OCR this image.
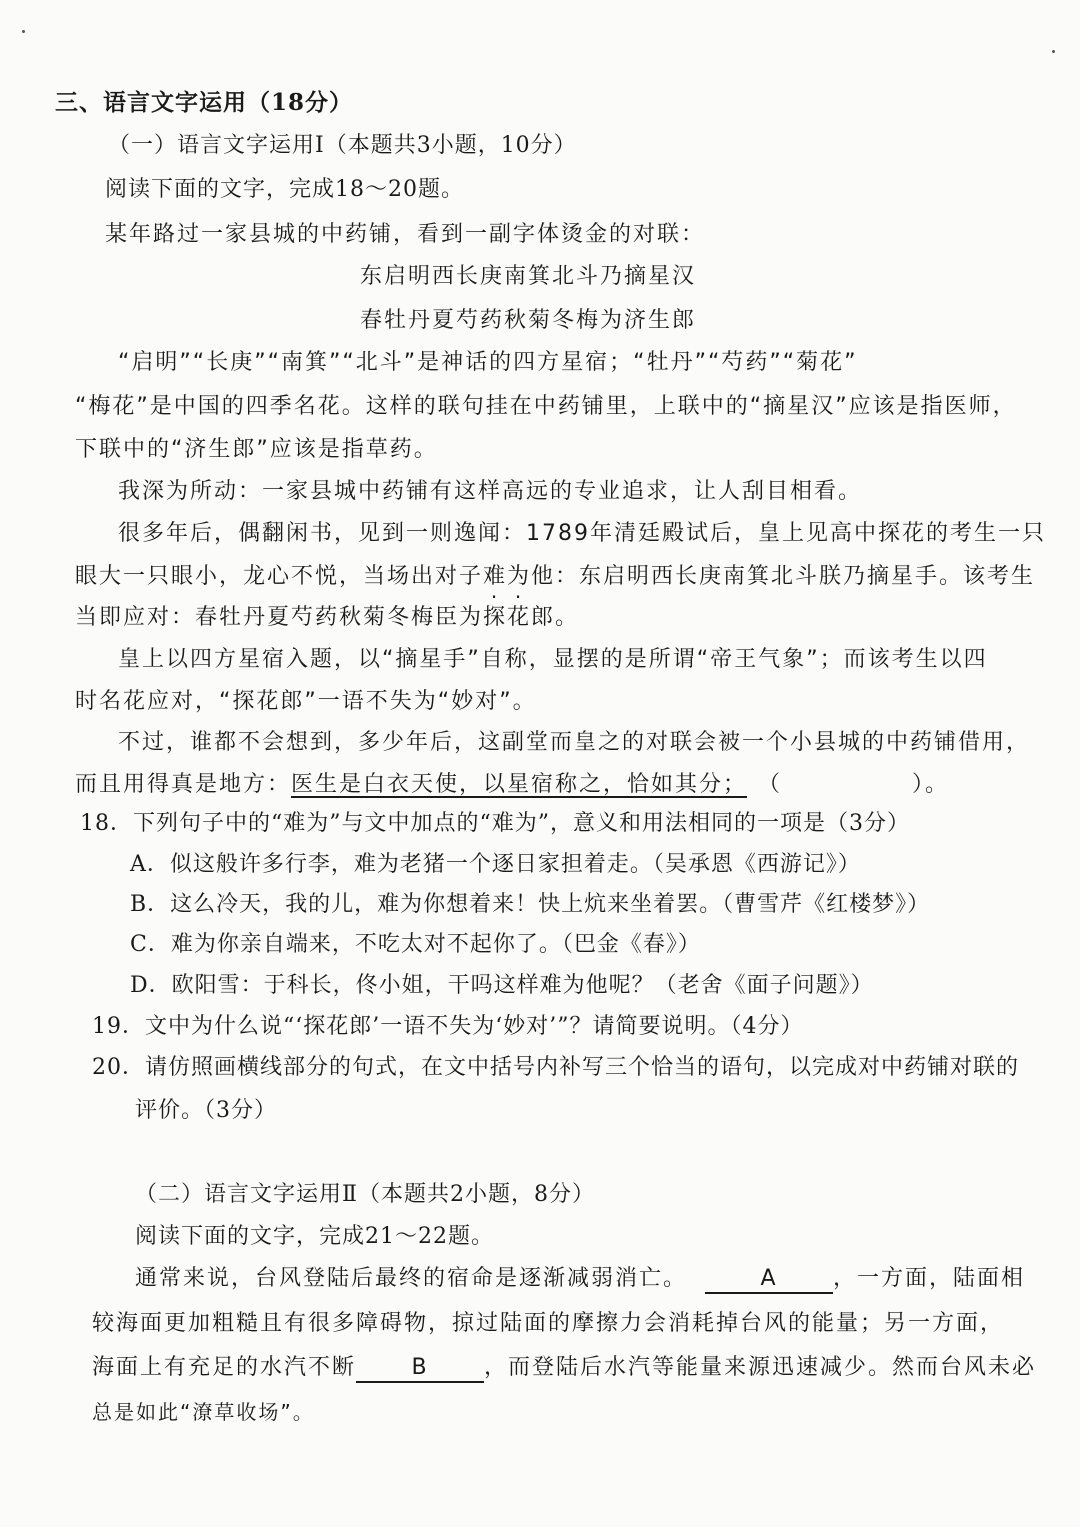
三、语言文字运用（18分）
（一）语言文字运用Ⅰ（本题共3小题，10分）
阅读下面的文字，完成18～20题。
某年路过一家县城的中药铺，看到一副字体烫金的对联：
东启明西长庚南箕北斗乃摘星汉
春牡丹夏芍药秋菊冬梅为济生郎
“启明”“长庚”“南箕”“北斗”是神话的四方星宿；“牡丹”“芍药”“菊花”
“梅花”是中国的四季名花。这样的联句挂在中药铺里，上联中的“摘星汉”应该是指医师，
下联中的“济生郎”应该是指草药。
我深为所动：一家县城中药铺有这样高远的专业追求，让人刮目相看。
很多年后，偶翻闲书，见到一则逸闻：1789年清廷殿试后，皇上见高中探花的考生一只
眼大一只眼小，龙心不悦，当场出对子难为他：东启明西长庚南箕北斗朕乃摘星手。该考生
当即应对：春牡丹夏芍药秋菊冬梅臣为探花郎。
皇上以四方星宿入题，以“摘星手”自称，显摆的是所谓“帝王气象”；而该考生以四
时名花应对，“探花郎”一语不失为“妙对”。
不过，谁都不会想到，多少年后，这副堂而皇之的对联会被一个小县城的中药铺借用，
而且用得真是地方：医生是白衣天使，以星宿称之，恰如其分； （	）。
18．下列句子中的“难为”与文中加点的“难为”，意义和用法相同的一项是（3分）
A．似这般许多行李，难为老猪一个逐日家担着走。（吴承恩《西游记》）
B．这么冷天，我的儿，难为你想着来！快上炕来坐着罢。（曹雪芹《红楼梦》）
C．难为你亲自端来，不吃太对不起你了。（巴金《春》）
D．欧阳雪：于科长，佟小姐，干吗这样难为他呢？（老舍《面子问题》）
19．文中为什么说“‘探花郎’一语不失为‘妙对’”？请简要说明。（4分）
20．请仿照画横线部分的句式，在文中括号内补写三个恰当的语句，以完成对中药铺对联的
评价。（3分）
（二）语言文字运用Ⅱ（本题共2小题，8分）
阅读下面的文字，完成21～22题。
通常来说，台风登陆后最终的宿命是逐渐减弱消亡。	A	，一方面，陆面相
较海面更加粗糙且有很多障碍物，掠过陆面的摩擦力会消耗掉台风的能量；另一方面，
海面上有充足的水汽不断	B	，而登陆后水汽等能量来源迅速减少。然而台风未必
总是如此“潦草收场”。
